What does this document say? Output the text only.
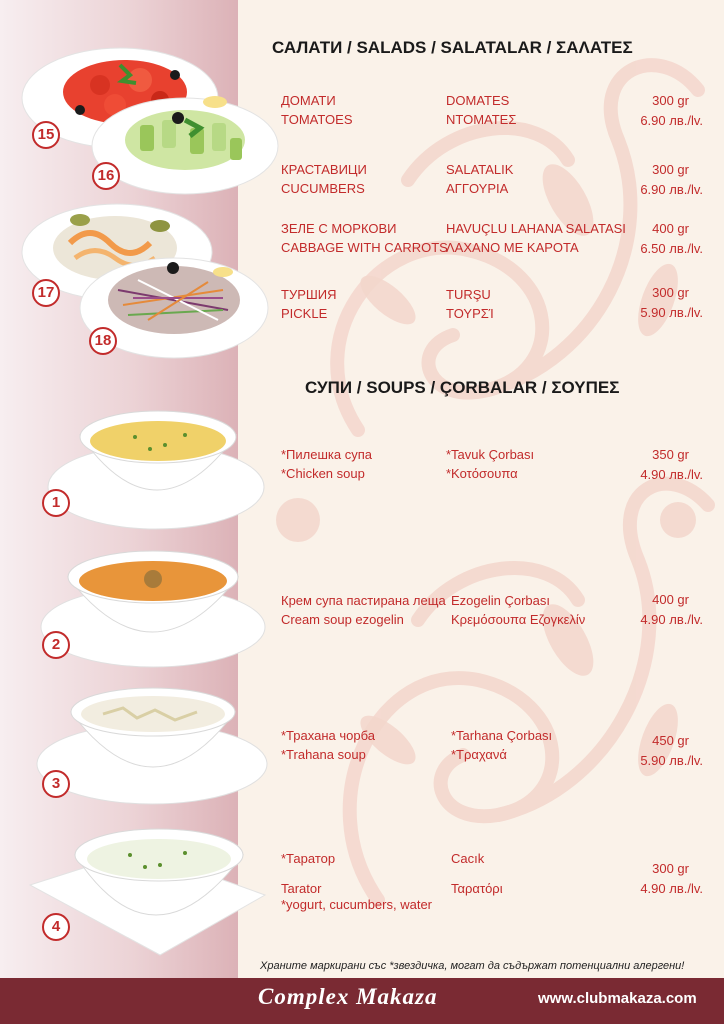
15
16
17
18
1
2
3
4
САЛАТИ / SALADS / SALATALAR / ΣΑΛΑΤΕΣ
СУПИ / SOUPS / ÇORBALAR / ΣΟΥΠΕΣ
ДОМАТИ
TOMATOES
DOMATES
ΝΤΟΜΑΤΕΣ
300 gr
6.90 лв./lv.
КРАСТАВИЦИ
CUCUMBERS
SALATALIK
ΑΓΓΟΥΡΙΑ
300 gr
6.90 лв./lv.
ЗЕЛЕ С МОРКОВИ
CABBAGE WITH CARROTS
HAVUÇLU LAHANA SALATASI
ΛΑΧΑΝΟ ΜΕ ΚΑΡΟΤΑ
400 gr
6.50 лв./lv.
ТУРШИЯ
PICKLE
TURŞU
ΤΟΥΡΣΊ
300 gr
5.90 лв./lv.
*Пилешка супа
*Chicken soup
*Tavuk Çorbası
*Κοτόσουπα
350 gr
4.90 лв./lv.
Крем супа пастирана леща
Cream soup ezogelin
Ezogelin Çorbası
Κρεμόσουπα Εζογκελίν
400 gr
4.90 лв./lv.
*Трахана чорба
*Trahana soup
*Tarhana Çorbası
*Τραχανά
450 gr
5.90 лв./lv.
*Таратор
Tarator
*yogurt, cucumbers, water
Cacık
Ταρατόρι
300 gr
4.90 лв./lv.
Храните маркирани със *звездичка, могат да съдържат потенциални алергени!
Complex Makaza	www.clubmakaza.com
